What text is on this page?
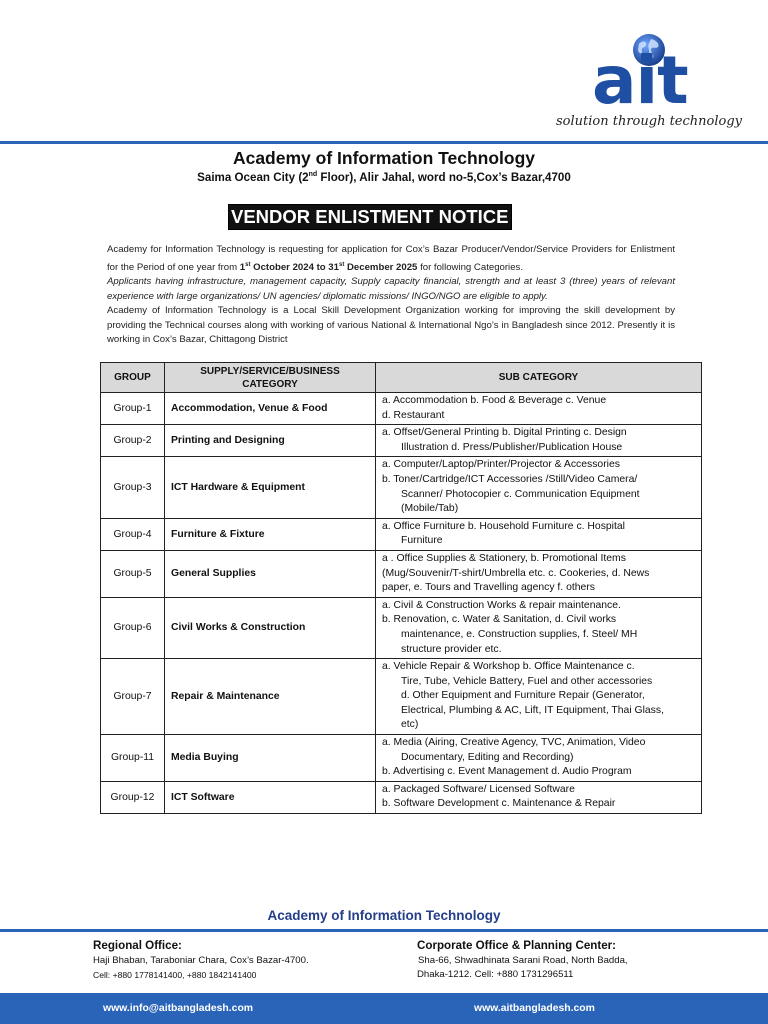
ait
solution through technology
Academy of Information Technology
Saima Ocean City (2nd Floor), Alir Jahal, word no-5,Cox’s Bazar,4700
VENDOR ENLISTMENT NOTICE

Academy for Information Technology is requesting for application for Cox’s Bazar Producer/Vendor/Service Providers for Enlistment for the Period of one year from 1st October 2024 to 31st December 2025 for following Categories.

Applicants having infrastructure, management capacity, Supply capacity financial, strength and at least 3 (three) years of relevant experience with large organizations/ UN agencies/ diplomatic missions/ INGO/NGO are eligible to apply.

Academy of Information Technology is a Local Skill Development Organization working for improving the skill development by providing the Technical courses along with working of various National & International Ngo’s in Bangladesh since 2012. Presently it is working in Cox’s Bazar, Chittagong District

GROUP	SUPPLY/SERVICE/BUSINESS CATEGORY	SUB CATEGORY
Group-1	Accommodation, Venue & Food	a. Accommodation b. Food & Beverage c. Venue
d. Restaurant

Group-2	Printing and Designing	a. Offset/General Printing b. Digital Printing c. Design
Illustration d. Press/Publisher/Publication House

Group-3	ICT Hardware & Equipment	a. Computer/Laptop/Printer/Projector & Accessories
b. Toner/Cartridge/ICT Accessories /Still/Video Camera/
Scanner/ Photocopier c. Communication Equipment
(Mobile/Tab)

Group-4	Furniture & Fixture	a. Office Furniture b. Household Furniture c. Hospital
Furniture

Group-5	General Supplies	a . Office Supplies & Stationery, b. Promotional Items
(Mug/Souvenir/T-shirt/Umbrella etc. c. Cookeries, d. News
paper, e. Tours and Travelling agency f. others

Group-6	Civil Works & Construction	a. Civil & Construction Works & repair maintenance.
b. Renovation, c. Water & Sanitation, d. Civil works
maintenance, e. Construction supplies, f. Steel/ MH
structure provider etc.

Group-7	Repair & Maintenance	a. Vehicle Repair & Workshop b. Office Maintenance c.
Tire, Tube, Vehicle Battery, Fuel and other accessories
d. Other Equipment and Furniture Repair (Generator,
Electrical, Plumbing & AC, Lift, IT Equipment, Thai Glass,
etc)

Group-11	Media Buying	a. Media (Airing, Creative Agency, TVC, Animation, Video
Documentary, Editing and Recording)
b. Advertising c. Event Management d. Audio Program

Group-12	ICT Software	a. Packaged Software/ Licensed Software
b. Software Development c. Maintenance & Repair
Academy of Information Technology
Regional Office:
Haji Bhaban, Taraboniar Chara, Cox’s Bazar-4700.
Cell: +880 1778141400, +880 1842141400
Corporate Office & Planning Center:
Sha-66, Shwadhinata Sarani Road, North Badda,
Dhaka-1212. Cell: +880 1731296511
www.info@aitbangladesh.com	www.aitbangladesh.com
